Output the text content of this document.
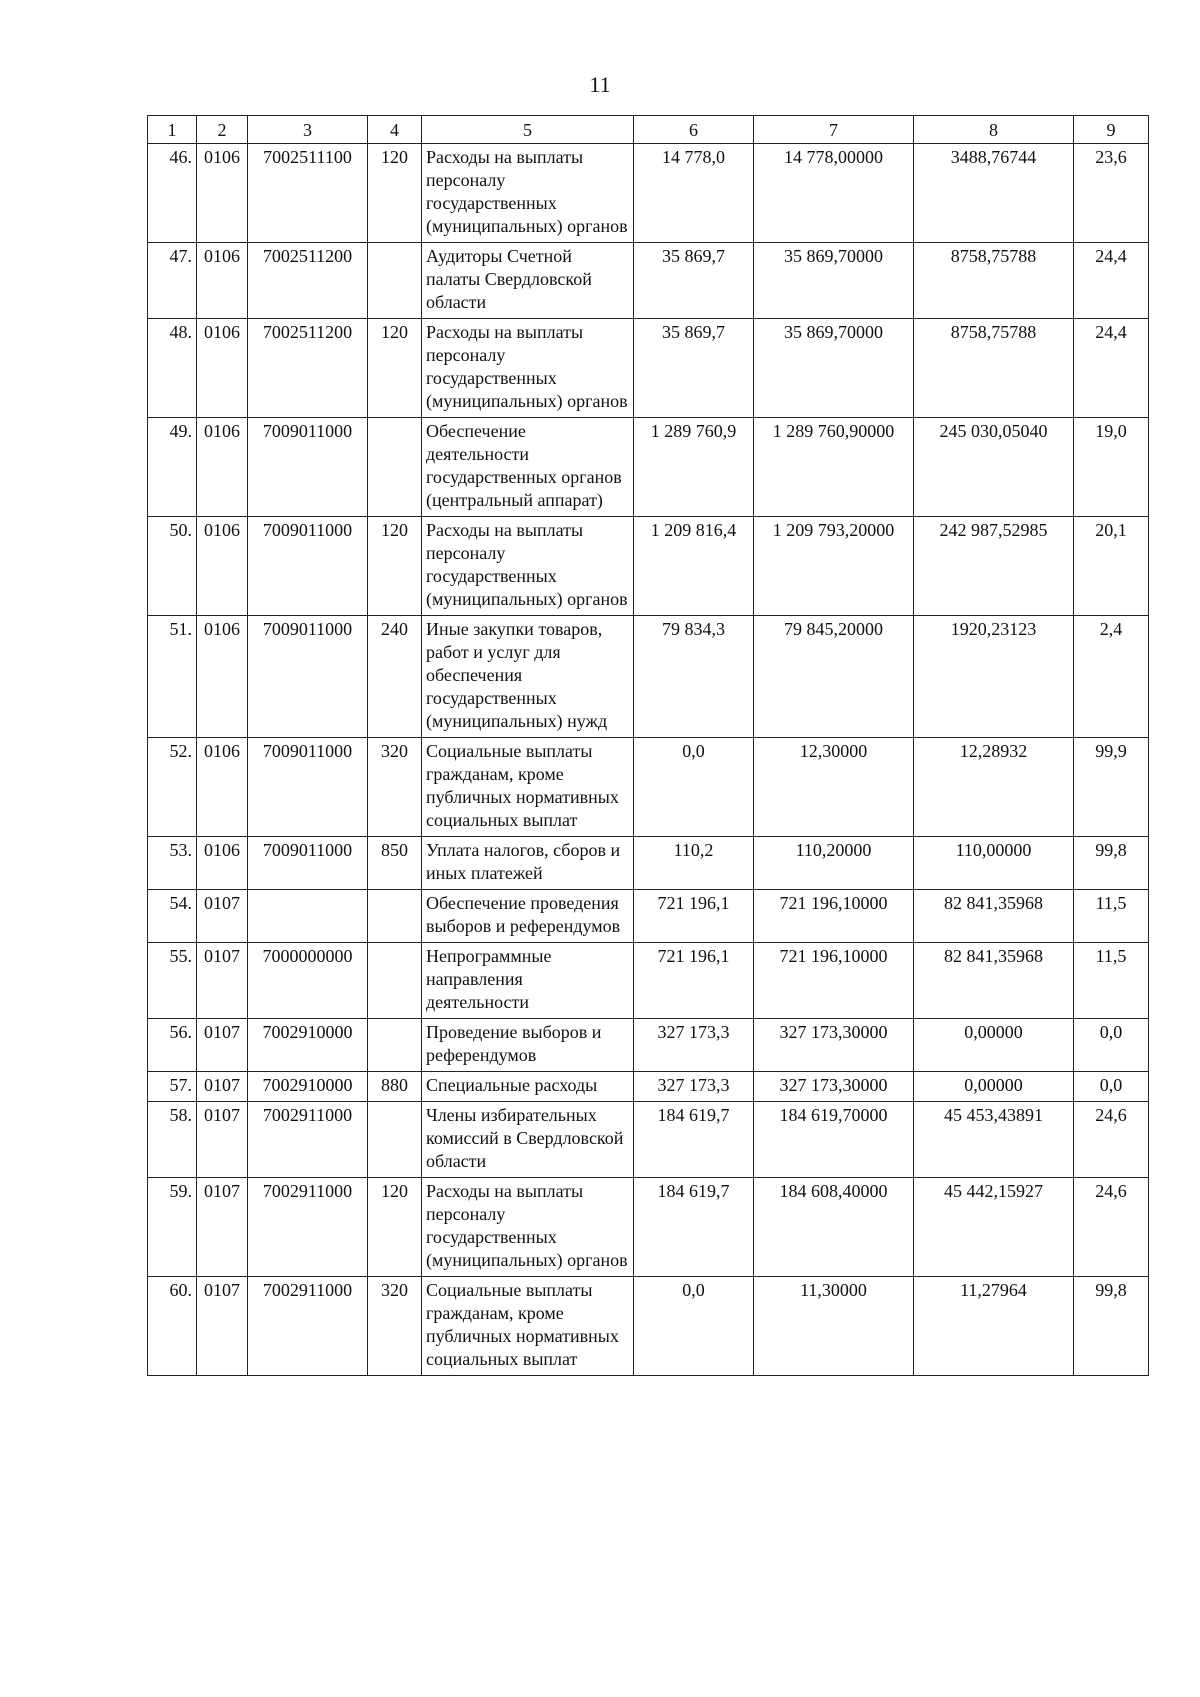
11
1	2	3	4	5	6	7	8	9
46.	0106	7002511100	120	Расходы на выплаты персоналу государственных (муниципальных) органов	14 778,0	14 778,00000	3488,76744	23,6
47.	0106	7002511200		Аудиторы Счетной палаты Свердловской области	35 869,7	35 869,70000	8758,75788	24,4
48.	0106	7002511200	120	Расходы на выплаты персоналу государственных (муниципальных) органов	35 869,7	35 869,70000	8758,75788	24,4
49.	0106	7009011000		Обеспечение деятельности государственных органов (центральный аппарат)	1 289 760,9	1 289 760,90000	245 030,05040	19,0
50.	0106	7009011000	120	Расходы на выплаты персоналу государственных (муниципальных) органов	1 209 816,4	1 209 793,20000	242 987,52985	20,1
51.	0106	7009011000	240	Иные закупки товаров, работ и услуг для обеспечения государственных (муниципальных) нужд	79 834,3	79 845,20000	1920,23123	2,4
52.	0106	7009011000	320	Социальные выплаты гражданам, кроме публичных нормативных социальных выплат	0,0	12,30000	12,28932	99,9
53.	0106	7009011000	850	Уплата налогов, сборов и иных платежей	110,2	110,20000	110,00000	99,8
54.	0107			Обеспечение проведения выборов и референдумов	721 196,1	721 196,10000	82 841,35968	11,5
55.	0107	7000000000		Непрограммные направления деятельности	721 196,1	721 196,10000	82 841,35968	11,5
56.	0107	7002910000		Проведение выборов и референдумов	327 173,3	327 173,30000	0,00000	0,0
57.	0107	7002910000	880	Специальные расходы	327 173,3	327 173,30000	0,00000	0,0
58.	0107	7002911000		Члены избирательных комиссий в Свердловской области	184 619,7	184 619,70000	45 453,43891	24,6
59.	0107	7002911000	120	Расходы на выплаты персоналу государственных (муниципальных) органов	184 619,7	184 608,40000	45 442,15927	24,6
60.	0107	7002911000	320	Социальные выплаты гражданам, кроме публичных нормативных социальных выплат	0,0	11,30000	11,27964	99,8
